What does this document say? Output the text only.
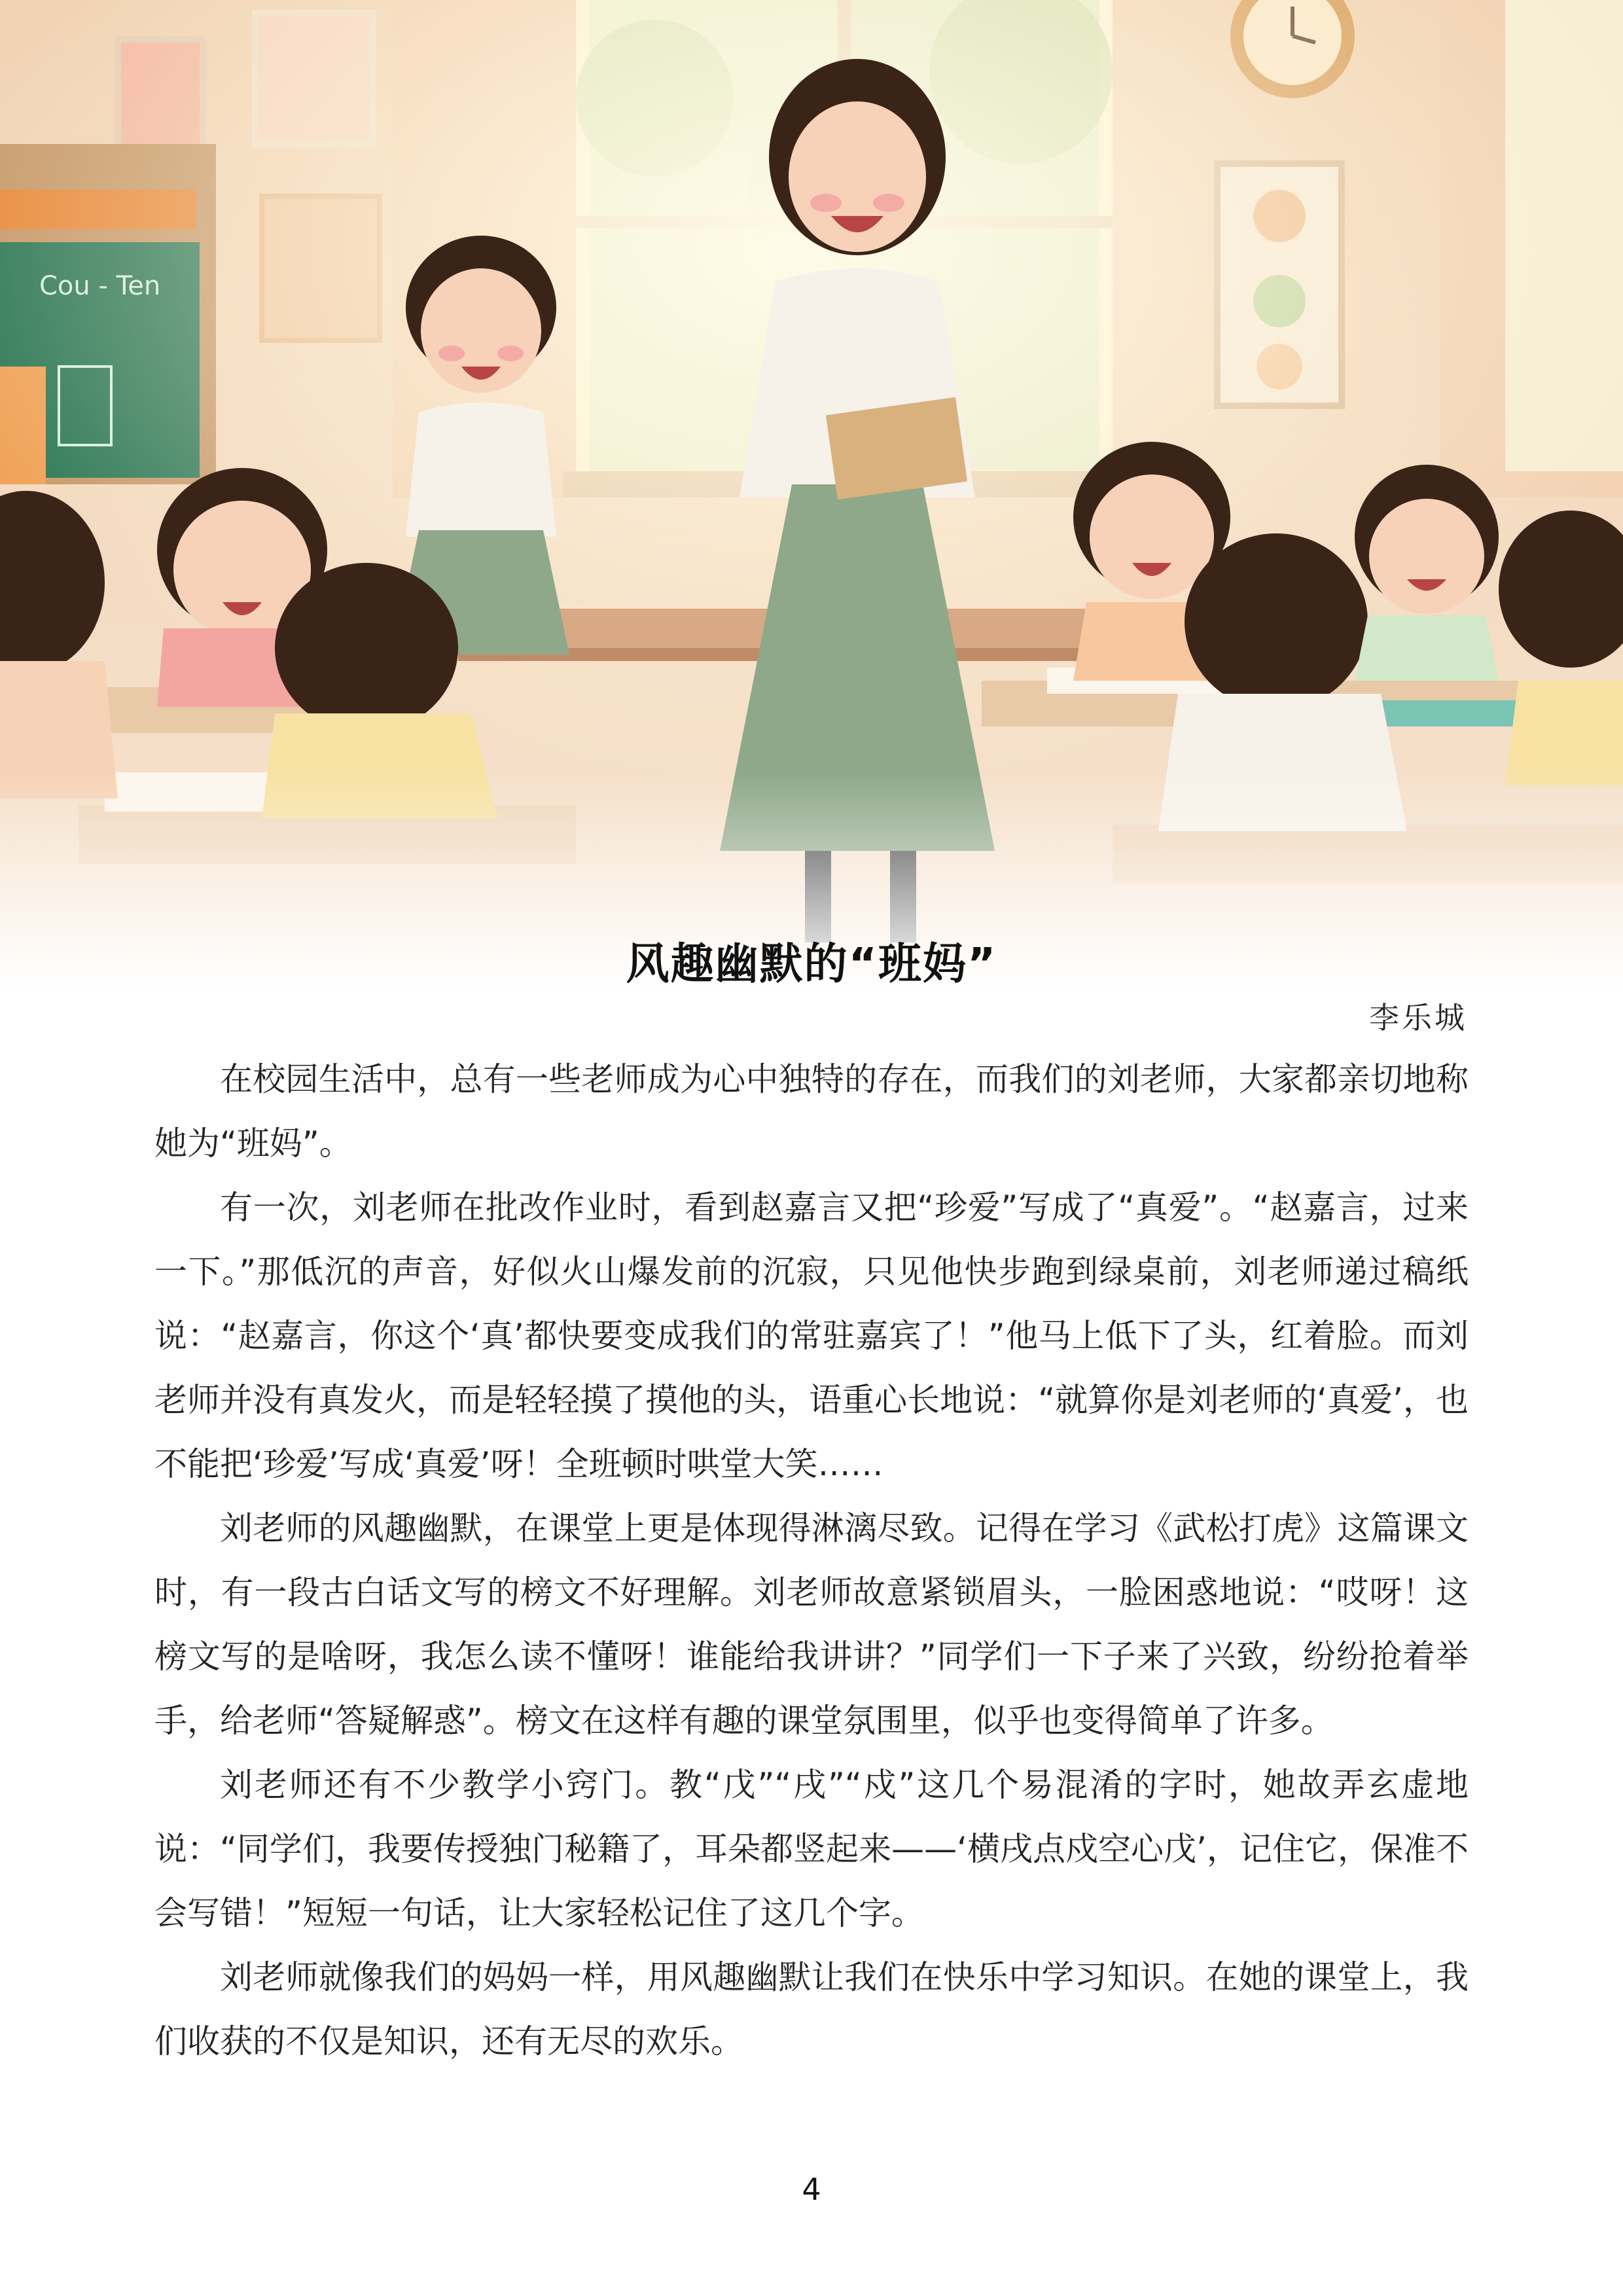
风趣幽默的“班妈”
李乐城

在校园生活中，总有一些老师成为心中独特的存在，而我们的刘老师，大家都亲切地称她为“班妈”。

有一次，刘老师在批改作业时，看到赵嘉言又把“珍爱”写成了“真爱”。“赵嘉言，过来一下。”那低沉的声音，好似火山爆发前的沉寂，只见他快步跑到绿桌前，刘老师递过稿纸说：“赵嘉言，你这个‘真’都快要变成我们的常驻嘉宾了！”他马上低下了头，红着脸。而刘老师并没有真发火，而是轻轻摸了摸他的头，语重心长地说：“就算你是刘老师的‘真爱’，也不能把‘珍爱’写成‘真爱’呀！全班顿时哄堂大笑……

刘老师的风趣幽默，在课堂上更是体现得淋漓尽致。记得在学习《武松打虎》这篇课文时，有一段古白话文写的榜文不好理解。刘老师故意紧锁眉头，一脸困惑地说：“哎呀！这榜文写的是啥呀，我怎么读不懂呀！谁能给我讲讲？”同学们一下子来了兴致，纷纷抢着举手，给老师“答疑解惑”。榜文在这样有趣的课堂氛围里，似乎也变得简单了许多。

刘老师还有不少教学小窍门。教“戊”“戌”“戍”这几个易混淆的字时，她故弄玄虚地说：“同学们，我要传授独门秘籍了，耳朵都竖起来——‘横戌点戍空心戊’，记住它，保准不会写错！”短短一句话，让大家轻松记住了这几个字。

刘老师就像我们的妈妈一样，用风趣幽默让我们在快乐中学习知识。在她的课堂上，我们收获的不仅是知识，还有无尽的欢乐。

4
